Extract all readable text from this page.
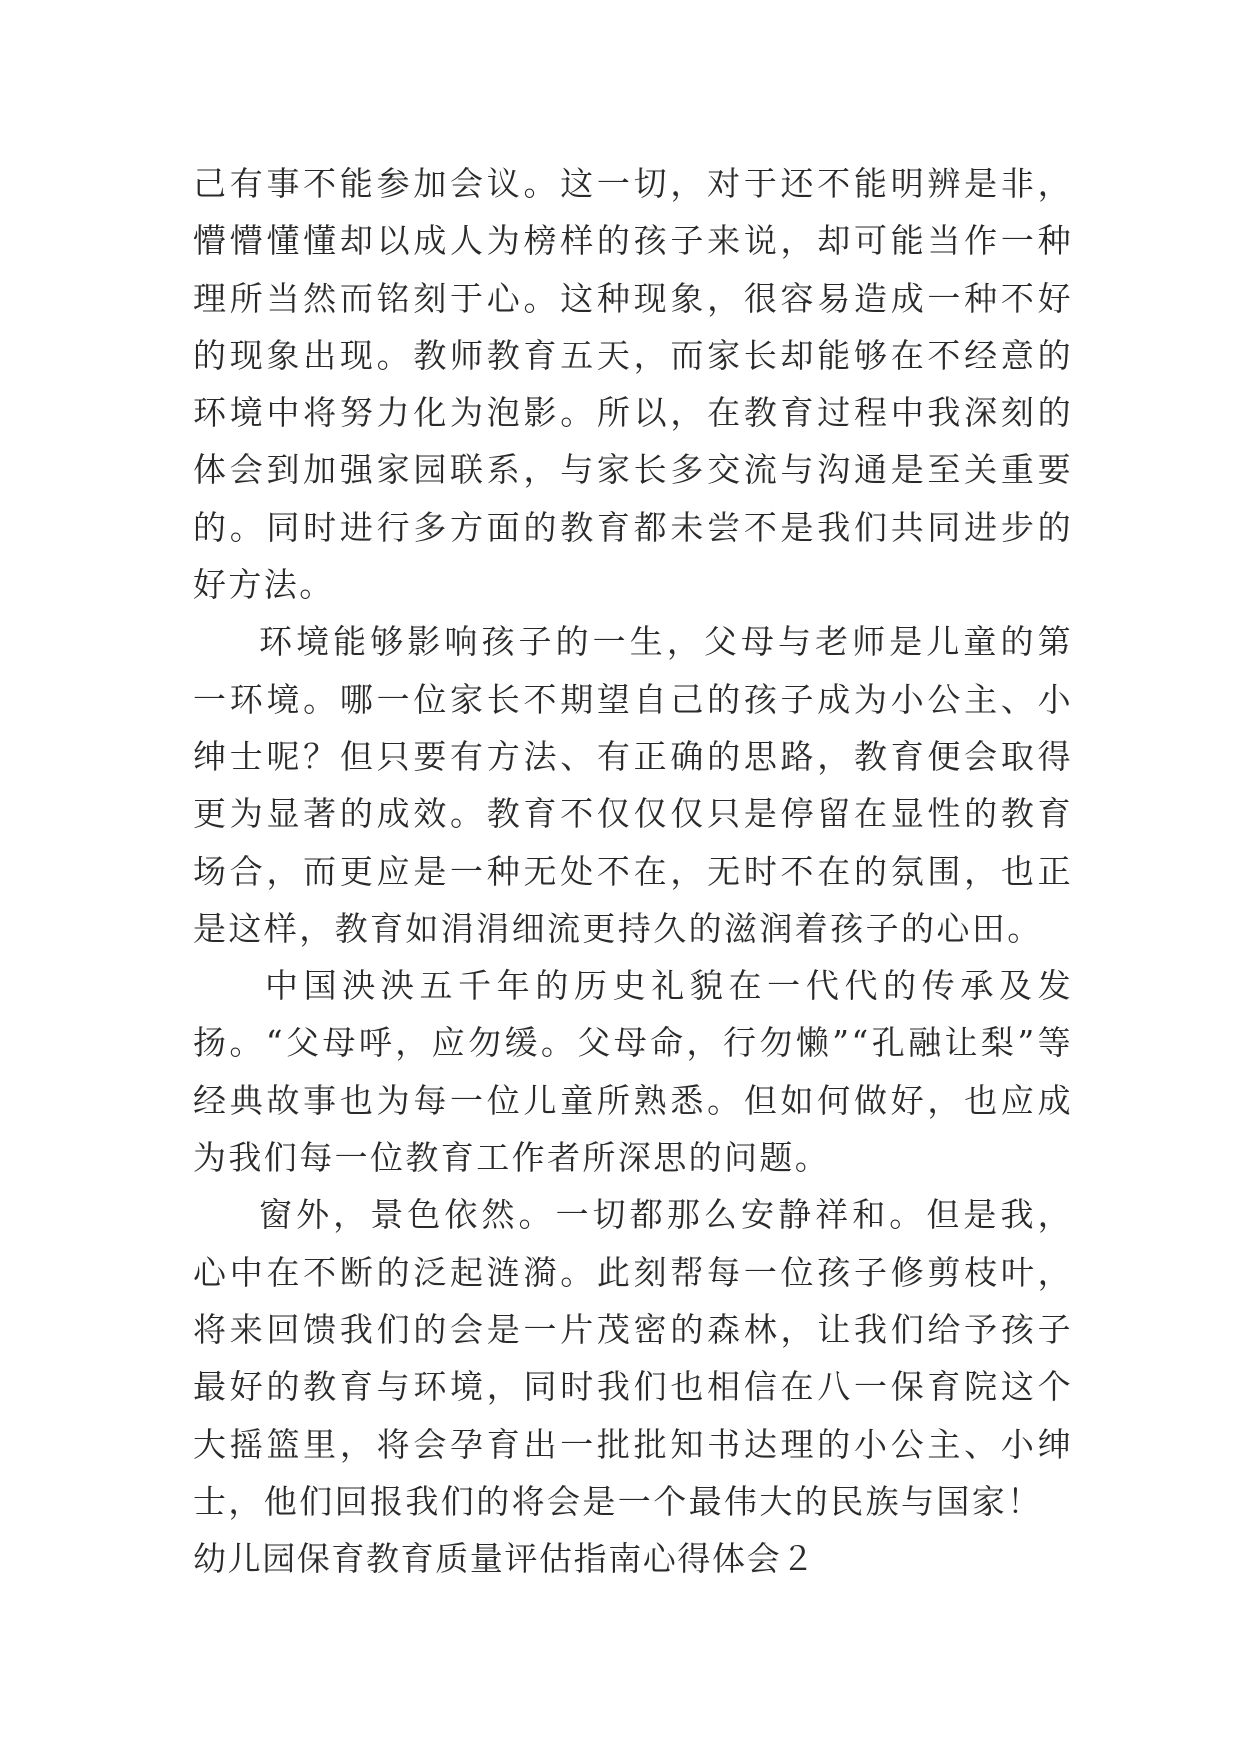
己有事不能参加会议。这一切，对于还不能明辨是非，懵懵懂懂却以成人为榜样的孩子来说，却可能当作一种理所当然而铭刻于心。这种现象，很容易造成一种不好的现象出现。教师教育五天，而家长却能够在不经意的环境中将努力化为泡影。所以，在教育过程中我深刻的体会到加强家园联系，与家长多交流与沟通是至关重要的。同时进行多方面的教育都未尝不是我们共同进步的好方法。

环境能够影响孩子的一生，父母与老师是儿童的第一环境。哪一位家长不期望自己的孩子成为小公主、小绅士呢？但只要有方法、有正确的思路，教育便会取得更为显著的成效。教育不仅仅仅只是停留在显性的教育场合，而更应是一种无处不在，无时不在的氛围，也正是这样，教育如涓涓细流更持久的滋润着孩子的心田。

中国泱泱五千年的历史礼貌在一代代的传承及发扬。“父母呼，应勿缓。父母命，行勿懒”“孔融让梨”等经典故事也为每一位儿童所熟悉。但如何做好，也应成为我们每一位教育工作者所深思的问题。

窗外，景色依然。一切都那么安静祥和。但是我，心中在不断的泛起涟漪。此刻帮每一位孩子修剪枝叶，将来回馈我们的会是一片茂密的森林，让我们给予孩子最好的教育与环境，同时我们也相信在八一保育院这个大摇篮里，将会孕育出一批批知书达理的小公主、小绅士，他们回报我们的将会是一个最伟大的民族与国家！

幼儿园保育教育质量评估指南心得体会２
